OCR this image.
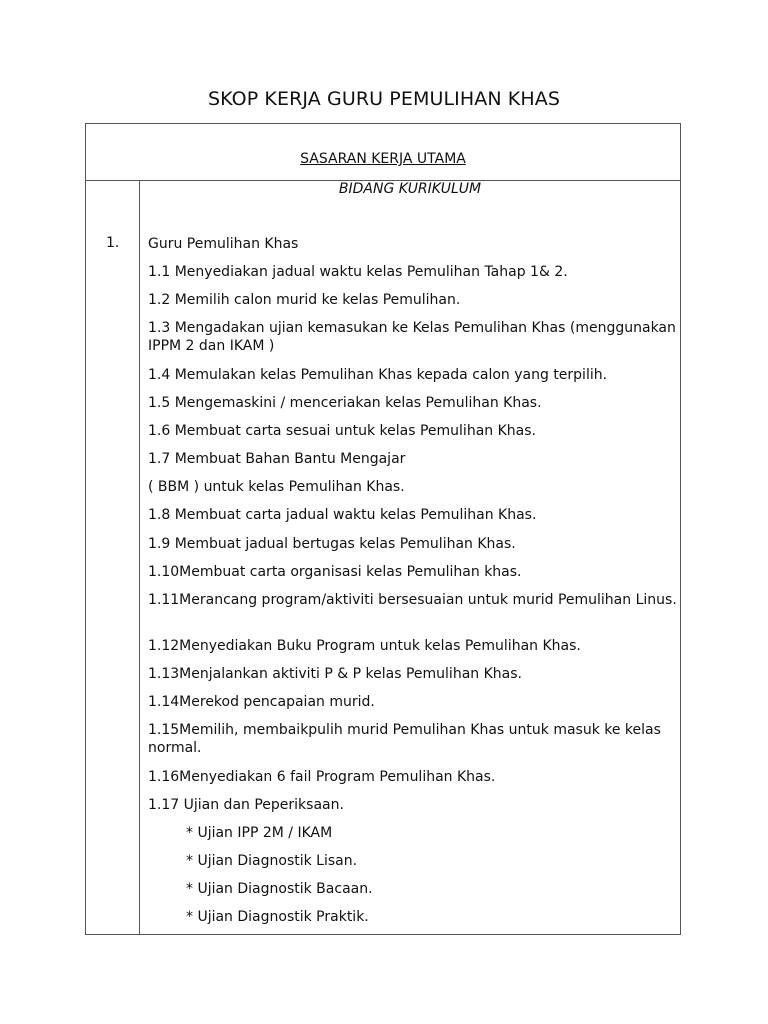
SKOP KERJA GURU PEMULIHAN KHAS
SASARAN KERJA UTAMA
1.
BIDANG KURIKULUM
Guru Pemulihan Khas
1.1 Menyediakan jadual waktu kelas Pemulihan Tahap 1& 2.
1.2 Memilih calon murid ke kelas Pemulihan.
1.3 Mengadakan ujian kemasukan ke Kelas Pemulihan Khas (menggunakan IPPM 2 dan IKAM )
1.4 Memulakan kelas Pemulihan Khas kepada calon yang terpilih.
1.5 Mengemaskini / menceriakan kelas Pemulihan Khas.
1.6 Membuat carta sesuai untuk kelas Pemulihan Khas.
1.7 Membuat Bahan Bantu Mengajar
( BBM ) untuk kelas Pemulihan Khas.
1.8 Membuat carta jadual waktu kelas Pemulihan Khas.
1.9 Membuat jadual bertugas kelas Pemulihan Khas.
1.10Membuat carta organisasi kelas Pemulihan khas.
1.11Merancang program/aktiviti bersesuaian untuk murid Pemulihan Linus.
1.12Menyediakan Buku Program untuk kelas Pemulihan Khas.
1.13Menjalankan aktiviti P & P kelas Pemulihan Khas.
1.14Merekod pencapaian murid.
1.15Memilih, membaikpulih murid Pemulihan Khas untuk masuk ke kelas normal.
1.16Menyediakan 6 fail Program Pemulihan Khas.
1.17 Ujian dan Peperiksaan.
* Ujian IPP 2M / IKAM
* Ujian Diagnostik Lisan.
* Ujian Diagnostik Bacaan.
* Ujian Diagnostik Praktik.
